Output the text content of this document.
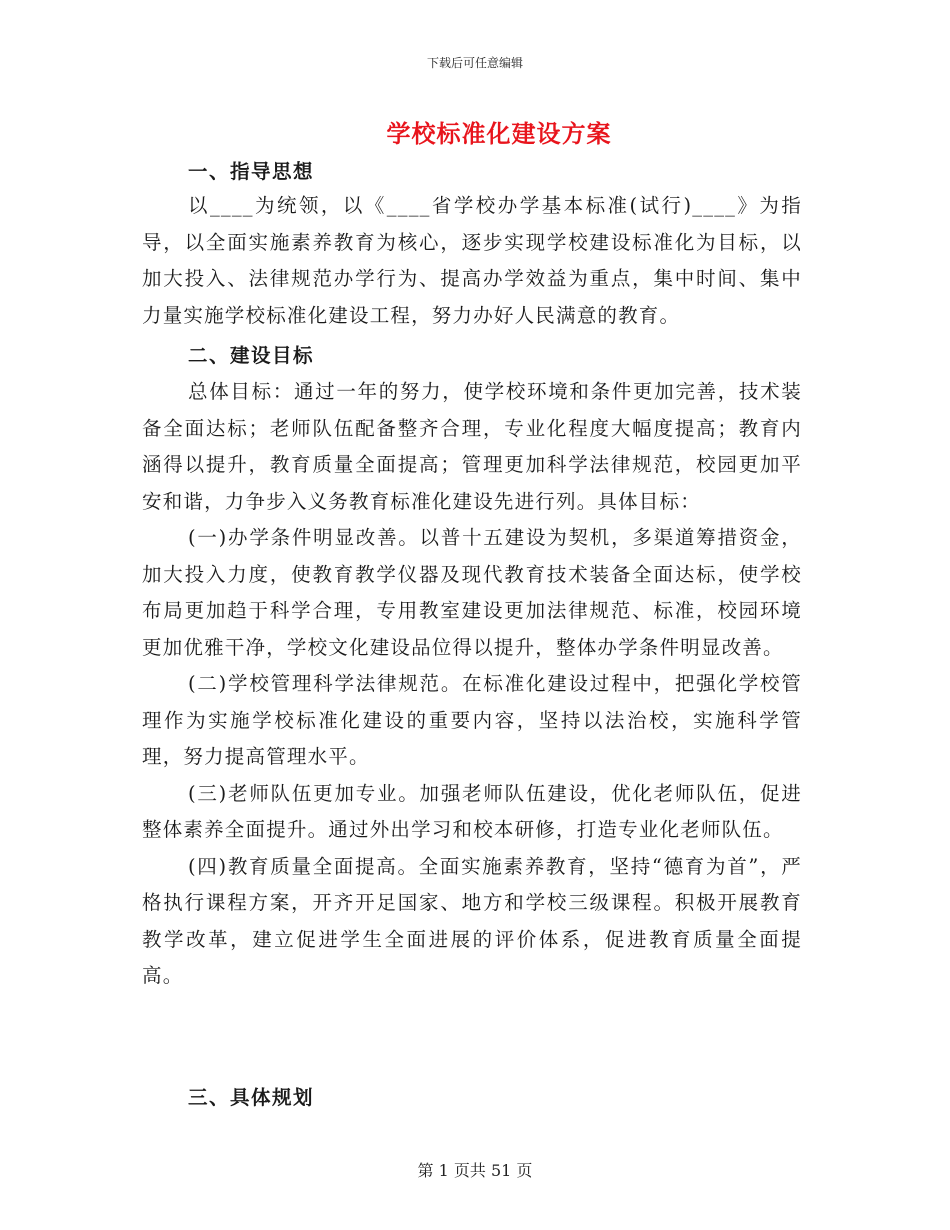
下载后可任意编辑
学校标准化建设方案
一、指导思想

以____为统领，以《____省学校办学基本标准(试行)____》为指导，以全面实施素养教育为核心，逐步实现学校建设标准化为目标，以加大投入、法律规范办学行为、提高办学效益为重点，集中时间、集中力量实施学校标准化建设工程，努力办好人民满意的教育。

二、建设目标

总体目标：通过一年的努力，使学校环境和条件更加完善，技术装备全面达标；老师队伍配备整齐合理，专业化程度大幅度提高；教育内涵得以提升，教育质量全面提高；管理更加科学法律规范，校园更加平安和谐，力争步入义务教育标准化建设先进行列。具体目标：

(一)办学条件明显改善。以普十五建设为契机，多渠道筹措资金，加大投入力度，使教育教学仪器及现代教育技术装备全面达标，使学校布局更加趋于科学合理，专用教室建设更加法律规范、标准，校园环境更加优雅干净，学校文化建设品位得以提升，整体办学条件明显改善。

(二)学校管理科学法律规范。在标准化建设过程中，把强化学校管理作为实施学校标准化建设的重要内容，坚持以法治校，实施科学管理，努力提高管理水平。

(三)老师队伍更加专业。加强老师队伍建设，优化老师队伍，促进整体素养全面提升。通过外出学习和校本研修，打造专业化老师队伍。

(四)教育质量全面提高。全面实施素养教育，坚持“德育为首”，严格执行课程方案，开齐开足国家、地方和学校三级课程。积极开展教育教学改革，建立促进学生全面进展的评价体系，促进教育质量全面提高。

三、具体规划
第 1 页共 51 页
